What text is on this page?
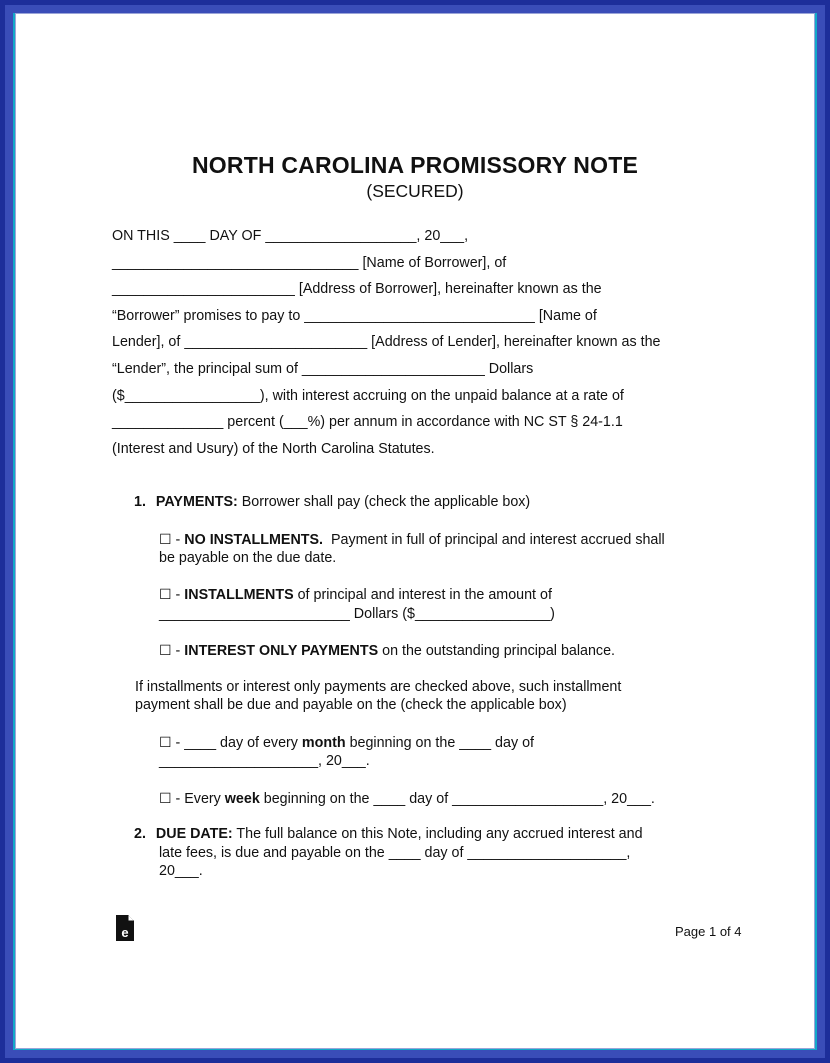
NORTH CAROLINA PROMISSORY NOTE
(SECURED)
ON THIS ____ DAY OF ___________________, 20___,
_______________________________ [Name of Borrower], of
_______________________ [Address of Borrower], hereinafter known as the
“Borrower” promises to pay to _____________________________ [Name of
Lender], of _______________________ [Address of Lender], hereinafter known as the
“Lender”, the principal sum of _______________________ Dollars
($_________________), with interest accruing on the unpaid balance at a rate of
______________ percent (___%) per annum in accordance with NC ST § 24-1.1
(Interest and Usury) of the North Carolina Statutes.
1. PAYMENTS: Borrower shall pay (check the applicable box)
☐ - NO INSTALLMENTS.  Payment in full of principal and interest accrued shall
be payable on the due date.
☐ - INSTALLMENTS of principal and interest in the amount of
________________________ Dollars ($_________________)
☐ - INTEREST ONLY PAYMENTS on the outstanding principal balance.
If installments or interest only payments are checked above, such installment
payment shall be due and payable on the (check the applicable box)
☐ - ____ day of every month beginning on the ____ day of
____________________, 20___.
☐ - Every week beginning on the ____ day of ___________________, 20___.
2. DUE DATE: The full balance on this Note, including any accrued interest and
late fees, is due and payable on the ____ day of ____________________,
20___.
e	Page 1 of 4
